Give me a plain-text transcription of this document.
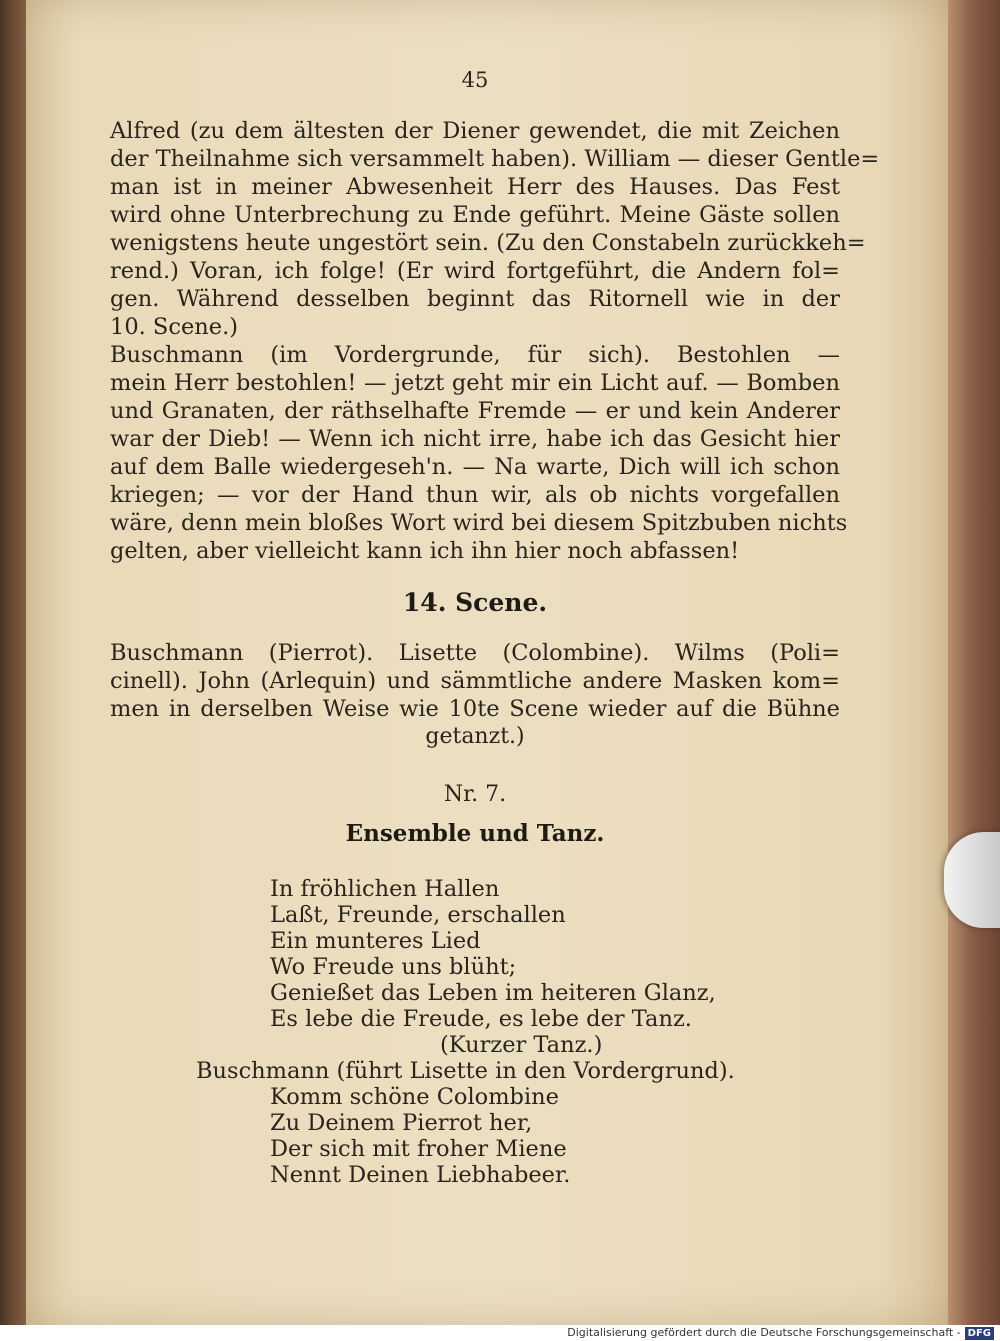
45
Alfred (zu dem ältesten der Diener gewendet, die mit Zeichen
der Theilnahme sich versammelt haben). William — dieser Gentle=
man ist in meiner Abwesenheit Herr des Hauses. Das Fest
wird ohne Unterbrechung zu Ende geführt. Meine Gäste sollen
wenigstens heute ungestört sein. (Zu den Constabeln zurückkeh=
rend.) Voran, ich folge! (Er wird fortgeführt, die Andern fol=
gen. Während desselben beginnt das Ritornell wie in der
10. Scene.)
Buschmann (im Vordergrunde, für sich). Bestohlen —
mein Herr bestohlen! — jetzt geht mir ein Licht auf. — Bomben
und Granaten, der räthselhafte Fremde — er und kein Anderer
war der Dieb! — Wenn ich nicht irre, habe ich das Gesicht hier
auf dem Balle wiedergeseh'n. — Na warte, Dich will ich schon
kriegen; — vor der Hand thun wir, als ob nichts vorgefallen
wäre, denn mein bloßes Wort wird bei diesem Spitzbuben nichts
gelten, aber vielleicht kann ich ihn hier noch abfassen!
14. Scene.
Buschmann (Pierrot). Lisette (Colombine). Wilms (Poli=
cinell). John (Arlequin) und sämmtliche andere Masken kom=
men in derselben Weise wie 10te Scene wieder auf die Bühne
getanzt.)
Nr. 7.
Ensemble und Tanz.
In fröhlichen Hallen
Laßt, Freunde, erschallen
Ein munteres Lied
Wo Freude uns blüht;
Genießet das Leben im heiteren Glanz,
Es lebe die Freude, es lebe der Tanz.
(Kurzer Tanz.)
Buschmann (führt Lisette in den Vordergrund).
Komm schöne Colombine
Zu Deinem Pierrot her,
Der sich mit froher Miene
Nennt Deinen Liebhabeer.
Digitalisierung gefördert durch die Deutsche Forschungsgemeinschaft - DFG
